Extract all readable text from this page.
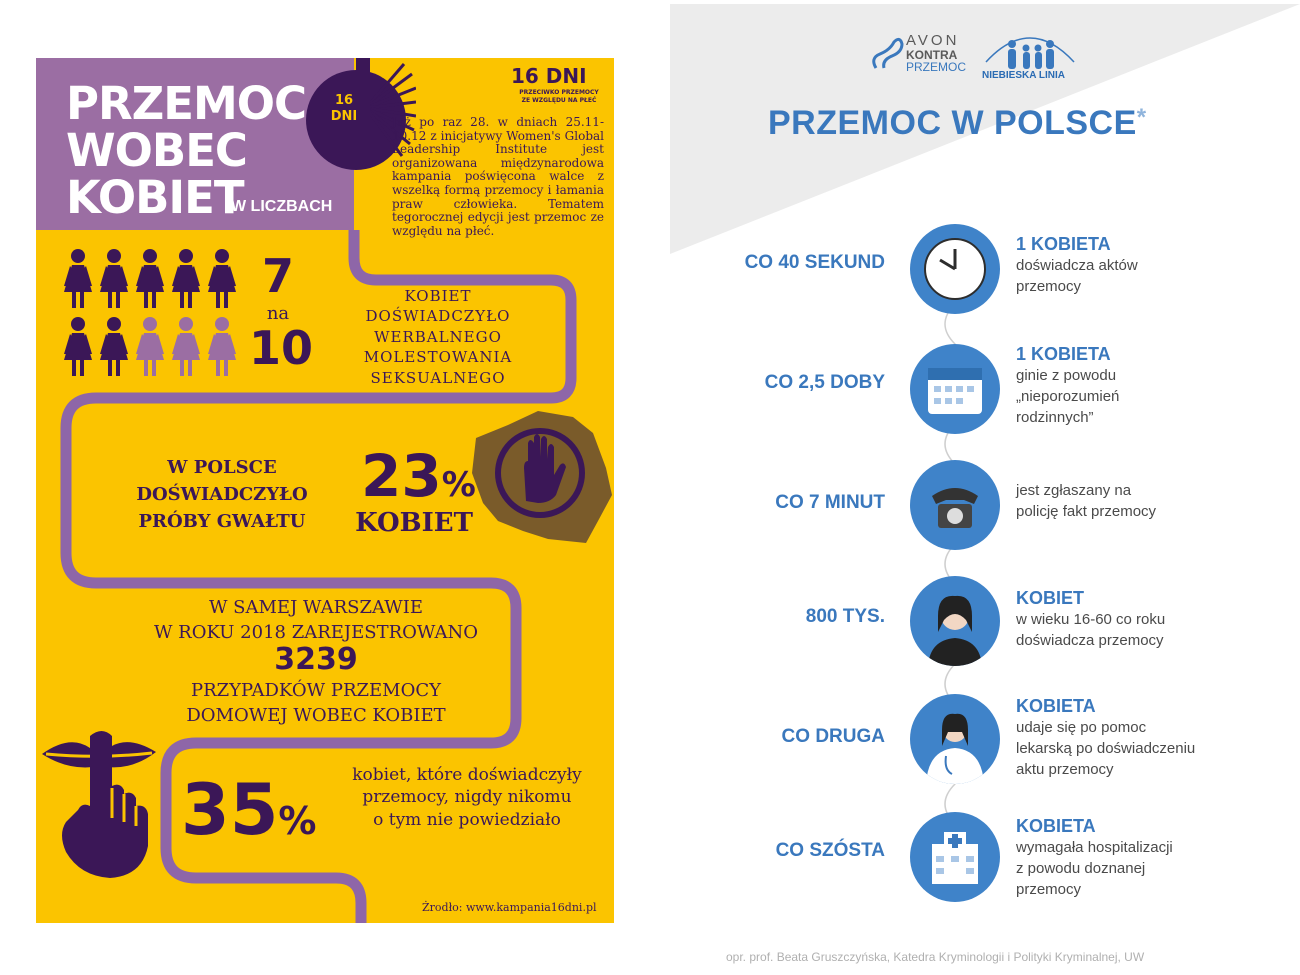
PRZEMOC
WOBEC
KOBIET
W LICZBACH
16
DNI
16 DNI
PRZECIWKO PRZEMOCY
ZE WZGLĘDU NA PŁEĆ
Już po raz 28. w dniach 25.11-10.12 z inicjatywy Women's Global Leadership Institute jest organizowana międzynarodowa kampania poświęcona walce z wszelką formą przemocy i łamania praw człowieka. Tematem tegorocznej edycji jest przemoc ze względu na płeć.
7
na
10
KOBIET
DOŚWIADCZYŁO
WERBALNEGO
MOLESTOWANIA
SEKSUALNEGO
W POLSCE
DOŚWIADCZYŁO
PRÓBY GWAŁTU
23%
KOBIET
W SAMEJ WARSZAWIE
W ROKU 2018 ZAREJESTROWANO
3239
PRZYPADKÓW PRZEMOCY
DOMOWEJ WOBEC KOBIET
35%
kobiet, które doświadczyły
przemocy, nigdy nikomu
o tym nie powiedziało
Żrodło: www.kampania16dni.pl
AVON
KONTRA
PRZEMOC
NIEBIESKA LINIA
PRZEMOC W POLSCE*
CO 40 SEKUND
1 KOBIETA
doświadcza aktów
przemocy
CO 2,5 DOBY
1 KOBIETA
ginie z powodu
„nieporozumień
rodzinnych”
CO 7 MINUT
jest zgłaszany na
policję fakt przemocy
800 TYS.
KOBIET
w wieku 16-60 co roku
doświadcza przemocy
CO DRUGA
KOBIETA
udaje się po pomoc
lekarską po doświadczeniu
aktu przemocy
CO SZÓSTA
KOBIETA
wymagała hospitalizacji
z powodu doznanej
przemocy
opr. prof. Beata Gruszczyńska, Katedra Kryminologii i Polityki Kryminalnej, UW
